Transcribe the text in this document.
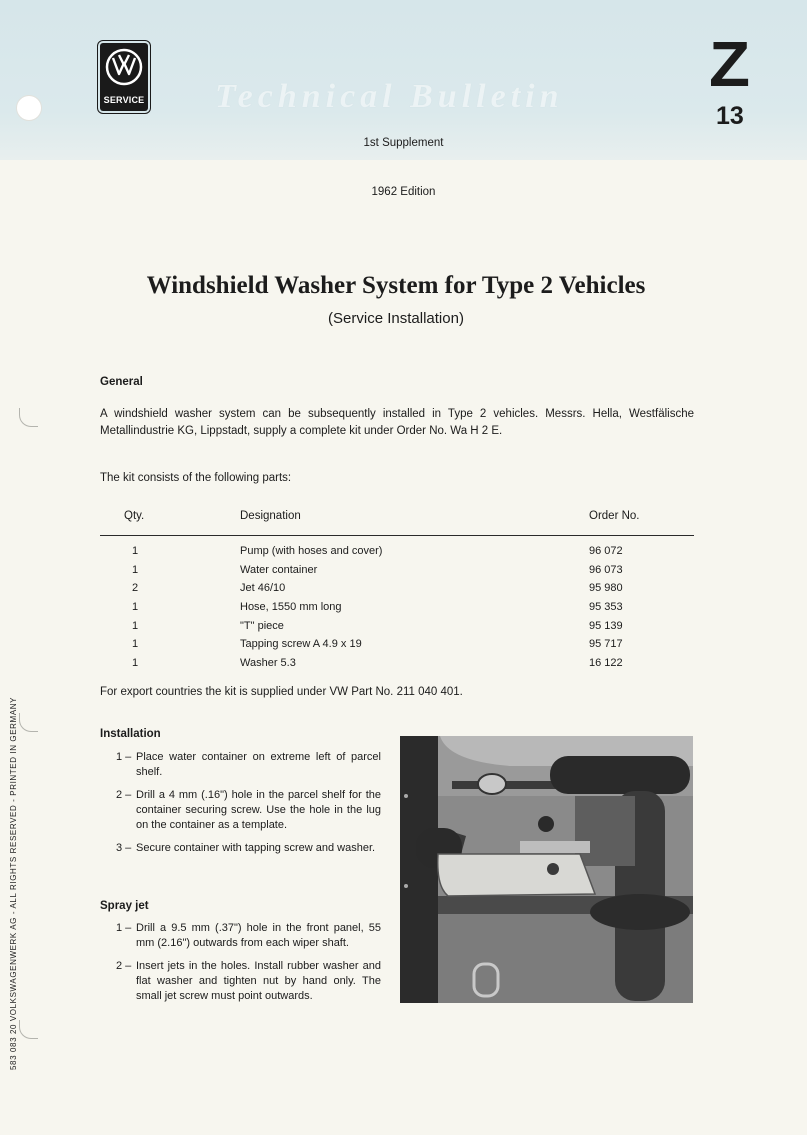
SERVICE Technical Bulletin
1st Supplement
Z
13
1962 Edition
Windshield Washer System for Type 2 Vehicles
(Service Installation)
General
A windshield washer system can be subsequently installed in Type 2 vehicles. Messrs. Hella, Westfälische Metallindustrie KG, Lippstadt, supply a complete kit under Order No. Wa H 2 E.
The kit consists of the following parts:
Qty.	Designation	Order No.
1	Pump (with hoses and cover)	96 072
1	Water container	96 073
2	Jet 46/10	95 980
1	Hose, 1550 mm long	95 353
1	"T" piece	95 139
1	Tapping screw A 4.9 x 19	95 717
1	Washer 5.3	16 122
For export countries the kit is supplied under VW Part No. 211 040 401.
Installation
1 – Place water container on extreme left of parcel shelf.
2 – Drill a 4 mm (.16") hole in the parcel shelf for the container securing screw. Use the hole in the lug on the container as a template.
3 – Secure container with tapping screw and washer.
Spray jet
1 – Drill a 9.5 mm (.37") hole in the front panel, 55 mm (2.16") outwards from each wiper shaft.
2 – Insert jets in the holes. Install rubber washer and flat washer and tighten nut by hand only. The small jet screw must point outwards.
583 083 20 VOLKSWAGENWERK AG - ALL RIGHTS RESERVED - PRINTED IN GERMANY
